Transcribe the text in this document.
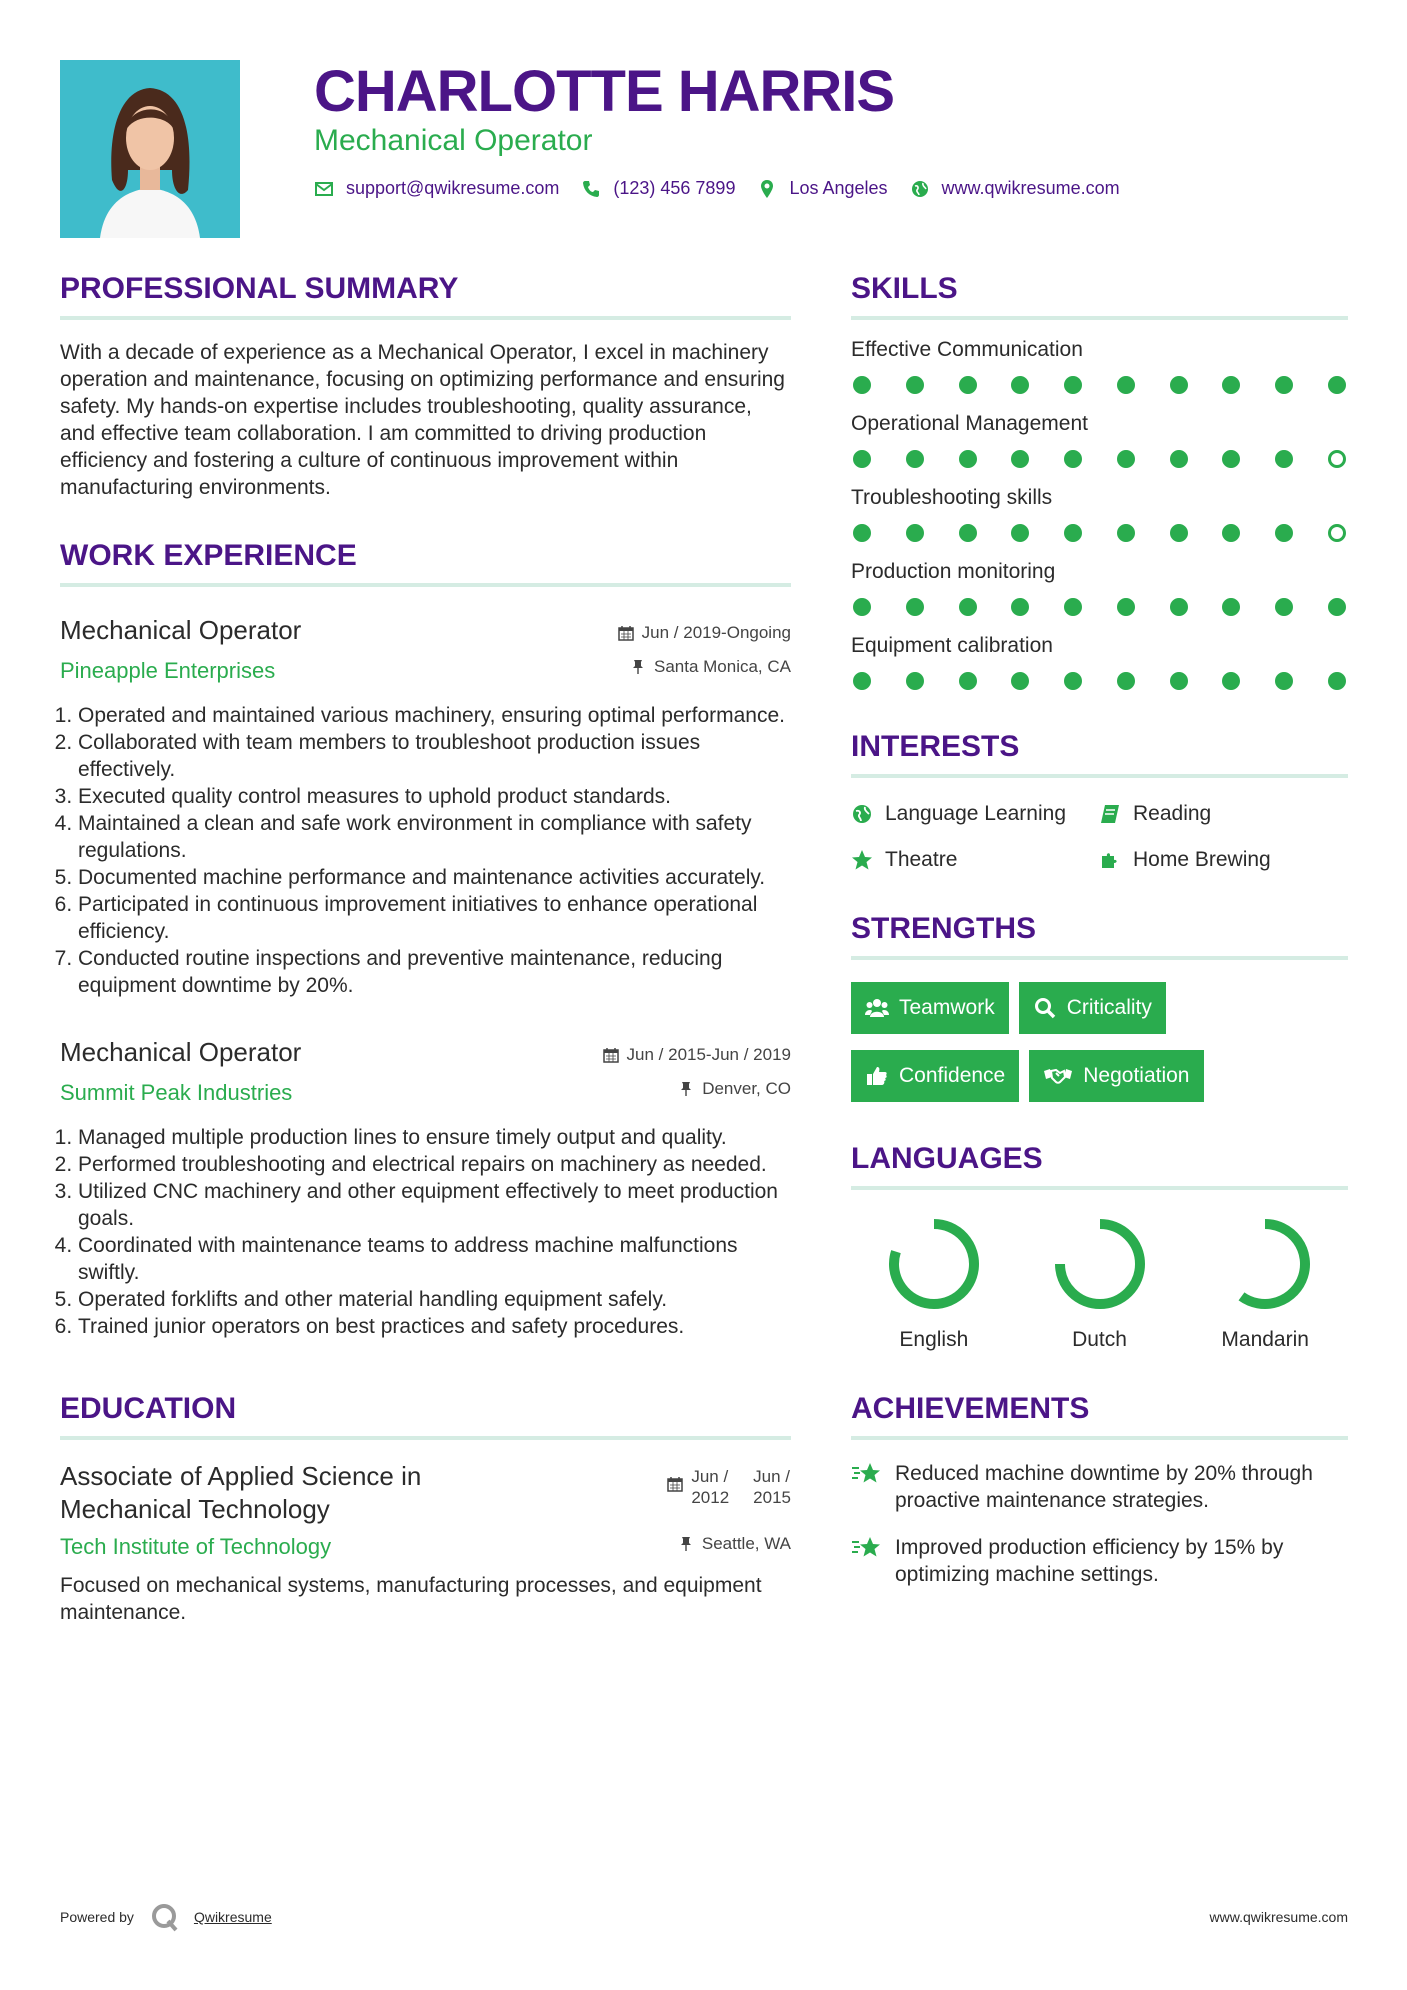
CHARLOTTE HARRIS
Mechanical Operator
support@qwikresume.com	(123) 456 7899	Los Angeles	www.qwikresume.com
PROFESSIONAL SUMMARY

With a decade of experience as a Mechanical Operator, I excel in machinery operation and maintenance, focusing on optimizing performance and ensuring safety. My hands-on expertise includes troubleshooting, quality assurance, and effective team collaboration. I am committed to driving production efficiency and fostering a culture of continuous improvement within manufacturing environments.

WORK EXPERIENCE
Mechanical Operator
Pineapple Enterprises
Jun / 2019-Ongoing
Santa Monica, CA
1. Operated and maintained various machinery, ensuring optimal performance.
2. Collaborated with team members to troubleshoot production issues effectively.
3. Executed quality control measures to uphold product standards.
4. Maintained a clean and safe work environment in compliance with safety regulations.
5. Documented machine performance and maintenance activities accurately.
6. Participated in continuous improvement initiatives to enhance operational efficiency.
7. Conducted routine inspections and preventive maintenance, reducing equipment downtime by 20%.
Mechanical Operator
Summit Peak Industries
Jun / 2015-Jun / 2019
Denver, CO
1. Managed multiple production lines to ensure timely output and quality.
2. Performed troubleshooting and electrical repairs on machinery as needed.
3. Utilized CNC machinery and other equipment effectively to meet production goals.
4. Coordinated with maintenance teams to address machine malfunctions swiftly.
5. Operated forklifts and other material handling equipment safely.
6. Trained junior operators on best practices and safety procedures.
EDUCATION
Associate of Applied Science in Mechanical Technology
Tech Institute of Technology
Jun /
2012
Jun /
2015
Seattle, WA

Focused on mechanical systems, manufacturing processes, and equipment maintenance.

SKILLS
Effective Communication
Operational Management
Troubleshooting skills
Production monitoring
Equipment calibration
INTERESTS
Language Learning	Reading
Theatre	Home Brewing
STRENGTHS
Teamwork	Criticality
Confidence	Negotiation
LANGUAGES
English	Dutch	Mandarin
ACHIEVEMENTS
Reduced machine downtime by 20% through proactive maintenance strategies.
Improved production efficiency by 15% by optimizing machine settings.
Powered by	Qwikresume	www.qwikresume.com
